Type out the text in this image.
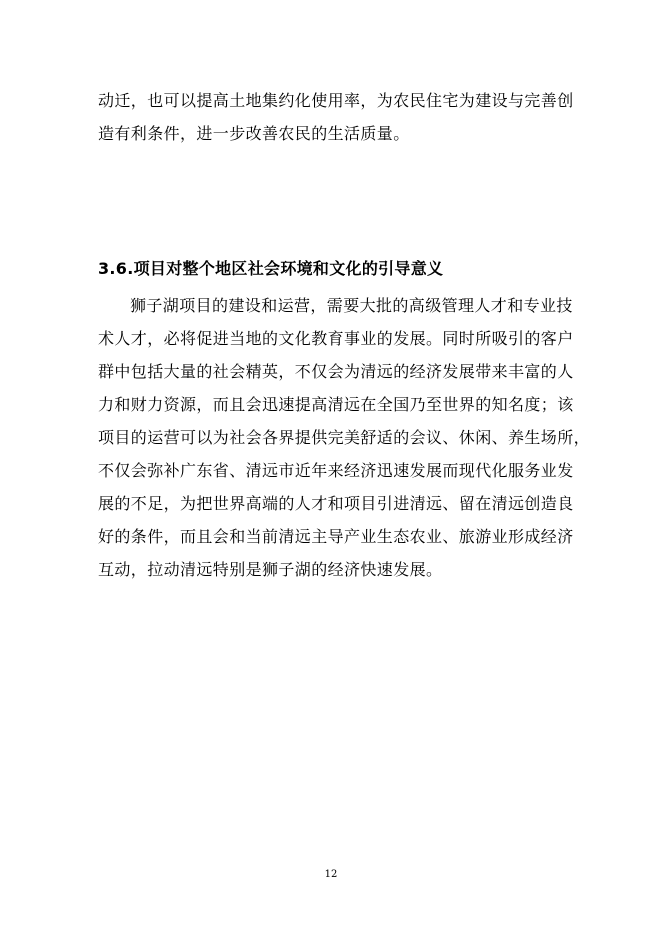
动迁，也可以提高土地集约化使用率，为农民住宅为建设与完善创
造有利条件，进一步改善农民的生活质量。

3.6.项目对整个地区社会环境和文化的引导意义

狮子湖项目的建设和运营，需要大批的高级管理人才和专业技
术人才，必将促进当地的文化教育事业的发展。同时所吸引的客户
群中包括大量的社会精英，不仅会为清远的经济发展带来丰富的人
力和财力资源，而且会迅速提高清远在全国乃至世界的知名度；该
项目的运营可以为社会各界提供完美舒适的会议、休闲、养生场所，
不仅会弥补广东省、清远市近年来经济迅速发展而现代化服务业发
展的不足，为把世界高端的人才和项目引进清远、留在清远创造良
好的条件，而且会和当前清远主导产业生态农业、旅游业形成经济
互动，拉动清远特别是狮子湖的经济快速发展。

12
